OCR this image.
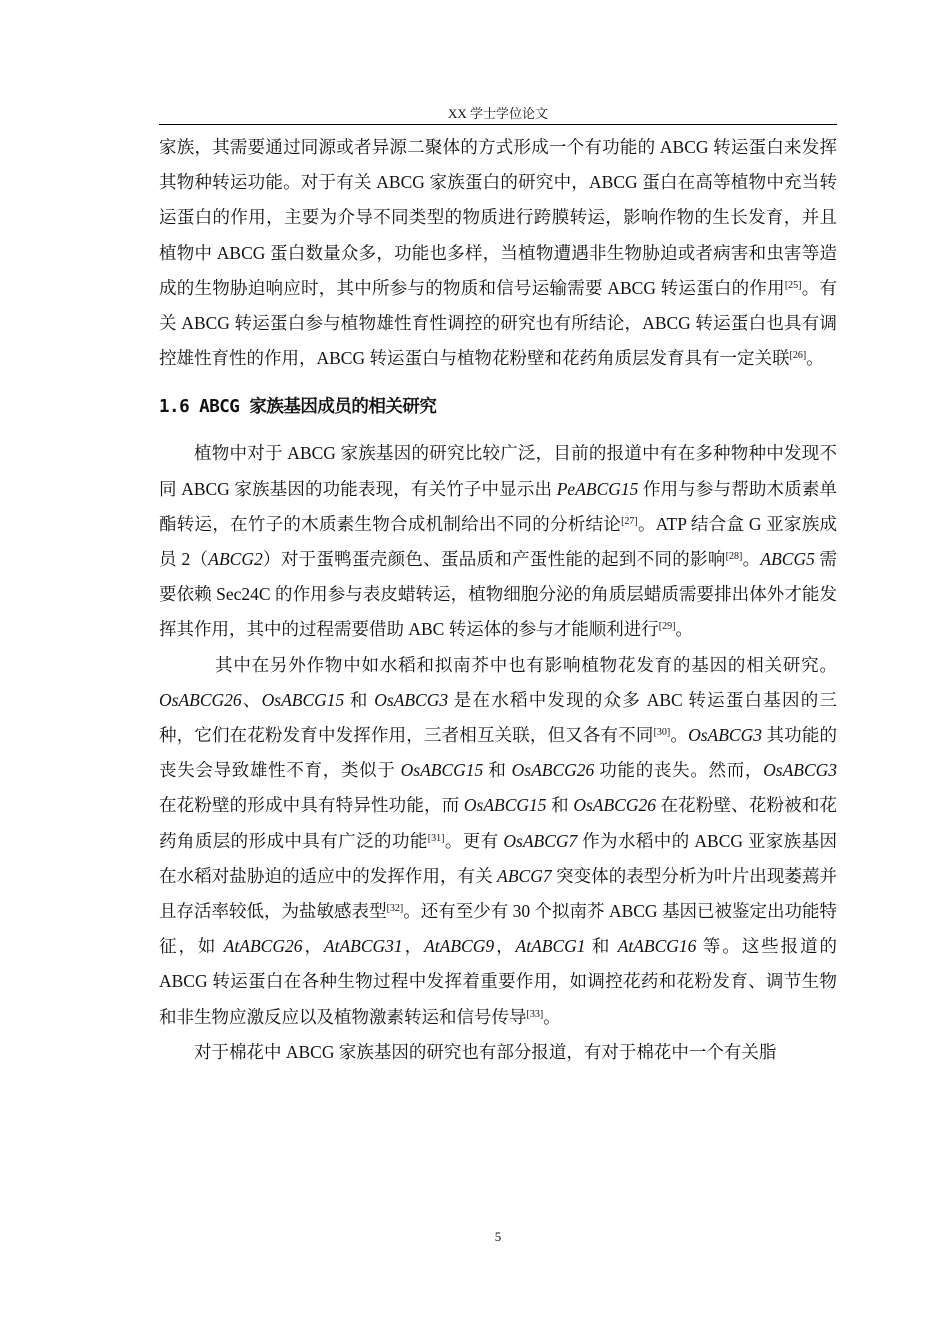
XX 学士学位论文

家族，其需要通过同源或者异源二聚体的方式形成一个有功能的 ABCG 转运蛋白来发挥其物种转运功能。对于有关 ABCG 家族蛋白的研究中，ABCG 蛋白在高等植物中充当转运蛋白的作用，主要为介导不同类型的物质进行跨膜转运，影响作物的生长发育，并且植物中 ABCG 蛋白数量众多，功能也多样，当植物遭遇非生物胁迫或者病害和虫害等造成的生物胁迫响应时，其中所参与的物质和信号运输需要 ABCG 转运蛋白的作用[25]。有关 ABCG 转运蛋白参与植物雄性育性调控的研究也有所结论，ABCG 转运蛋白也具有调控雄性育性的作用，ABCG 转运蛋白与植物花粉壁和花药角质层发育具有一定关联[26]。

1.6 ABCG 家族基因成员的相关研究

植物中对于 ABCG 家族基因的研究比较广泛，目前的报道中有在多种物种中发现不同 ABCG 家族基因的功能表现，有关竹子中显示出 PeABCG15 作用与参与帮助木质素单酯转运，在竹子的木质素生物合成机制给出不同的分析结论[27]。ATP 结合盒 G 亚家族成员 2（ABCG2）对于蛋鸭蛋壳颜色、蛋品质和产蛋性能的起到不同的影响[28]。ABCG5 需要依赖 Sec24C 的作用参与表皮蜡转运，植物细胞分泌的角质层蜡质需要排出体外才能发挥其作用，其中的过程需要借助 ABC 转运体的参与才能顺利进行[29]。

其中在另外作物中如水稻和拟南芥中也有影响植物花发育的基因的相关研究。OsABCG26、OsABCG15 和 OsABCG3 是在水稻中发现的众多 ABC 转运蛋白基因的三种，它们在花粉发育中发挥作用，三者相互关联，但又各有不同[30]。OsABCG3 其功能的丧失会导致雄性不育，类似于 OsABCG15 和 OsABCG26 功能的丧失。然而，OsABCG3 在花粉壁的形成中具有特异性功能，而 OsABCG15 和 OsABCG26 在花粉壁、花粉被和花药角质层的形成中具有广泛的功能[31]。更有 OsABCG7 作为水稻中的 ABCG 亚家族基因在水稻对盐胁迫的适应中的发挥作用，有关 ABCG7 突变体的表型分析为叶片出现萎蔫并且存活率较低，为盐敏感表型[32]。还有至少有 30 个拟南芥 ABCG 基因已被鉴定出功能特征，如 AtABCG26，AtABCG31，AtABCG9，AtABCG1 和 AtABCG16 等。这些报道的 ABCG 转运蛋白在各种生物过程中发挥着重要作用，如调控花药和花粉发育、调节生物和非生物应激反应以及植物激素转运和信号传导[33]。

对于棉花中 ABCG 家族基因的研究也有部分报道，有对于棉花中一个有关脂

5
